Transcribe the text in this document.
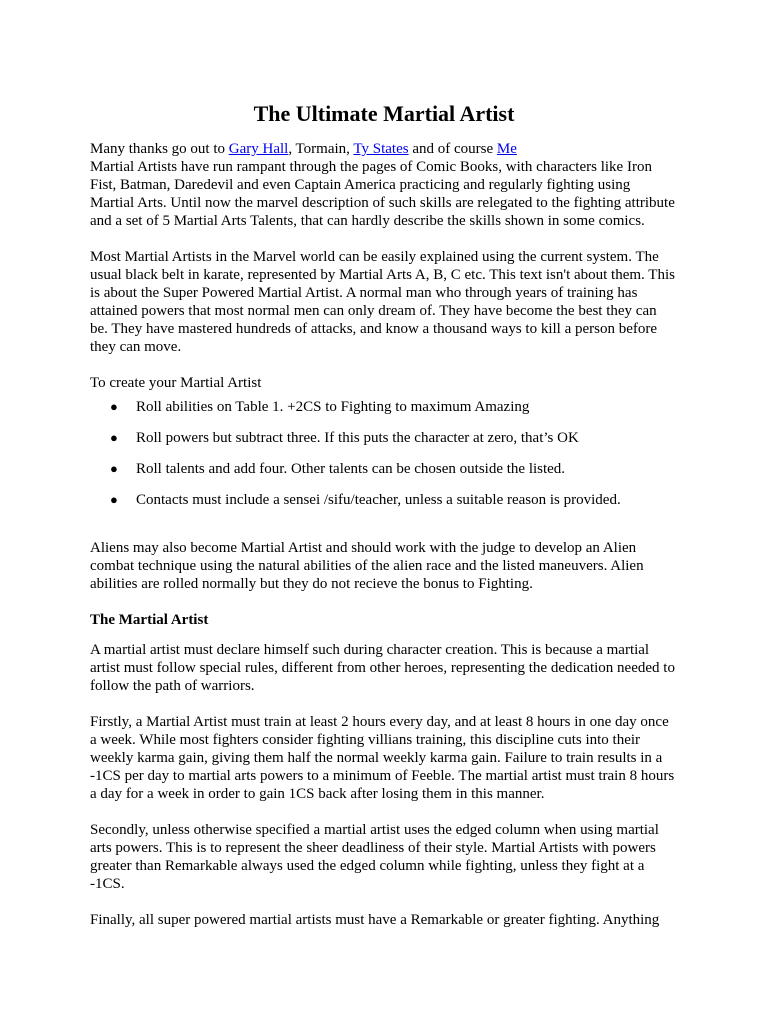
The Ultimate Martial Artist

Many thanks go out to Gary Hall, Tormain, Ty States and of course Me

Martial Artists have run rampant through the pages of Comic Books, with characters like Iron Fist, Batman, Daredevil and even Captain America practicing and regularly fighting using Martial Arts. Until now the marvel description of such skills are relegated to the fighting attribute and a set of 5 Martial Arts Talents, that can hardly describe the skills shown in some comics.

Most Martial Artists in the Marvel world can be easily explained using the current system. The usual black belt in karate, represented by Martial Arts A, B, C etc. This text isn't about them. This is about the Super Powered Martial Artist. A normal man who through years of training has attained powers that most normal men can only dream of. They have become the best they can be. They have mastered hundreds of attacks, and know a thousand ways to kill a person before they can move.

To create your Martial Artist

● Roll abilities on Table 1. +2CS to Fighting to maximum Amazing
● Roll powers but subtract three. If this puts the character at zero, that’s OK
● Roll talents and add four. Other talents can be chosen outside the listed.
● Contacts must include a sensei /sifu/teacher, unless a suitable reason is provided.

Aliens may also become Martial Artist and should work with the judge to develop an Alien combat technique using the natural abilities of the alien race and the listed maneuvers. Alien abilities are rolled normally but they do not recieve the bonus to Fighting.

The Martial Artist

A martial artist must declare himself such during character creation. This is because a martial artist must follow special rules, different from other heroes, representing the dedication needed to follow the path of warriors.

Firstly, a Martial Artist must train at least 2 hours every day, and at least 8 hours in one day once a week. While most fighters consider fighting villians training, this discipline cuts into their weekly karma gain, giving them half the normal weekly karma gain. Failure to train results in a -1CS per day to martial arts powers to a minimum of Feeble. The martial artist must train 8 hours a day for a week in order to gain 1CS back after losing them in this manner.

Secondly, unless otherwise specified a martial artist uses the edged column when using martial arts powers. This is to represent the sheer deadliness of their style. Martial Artists with powers greater than Remarkable always used the edged column while fighting, unless they fight at a -1CS.

Finally, all super powered martial artists must have a Remarkable or greater fighting. Anything
